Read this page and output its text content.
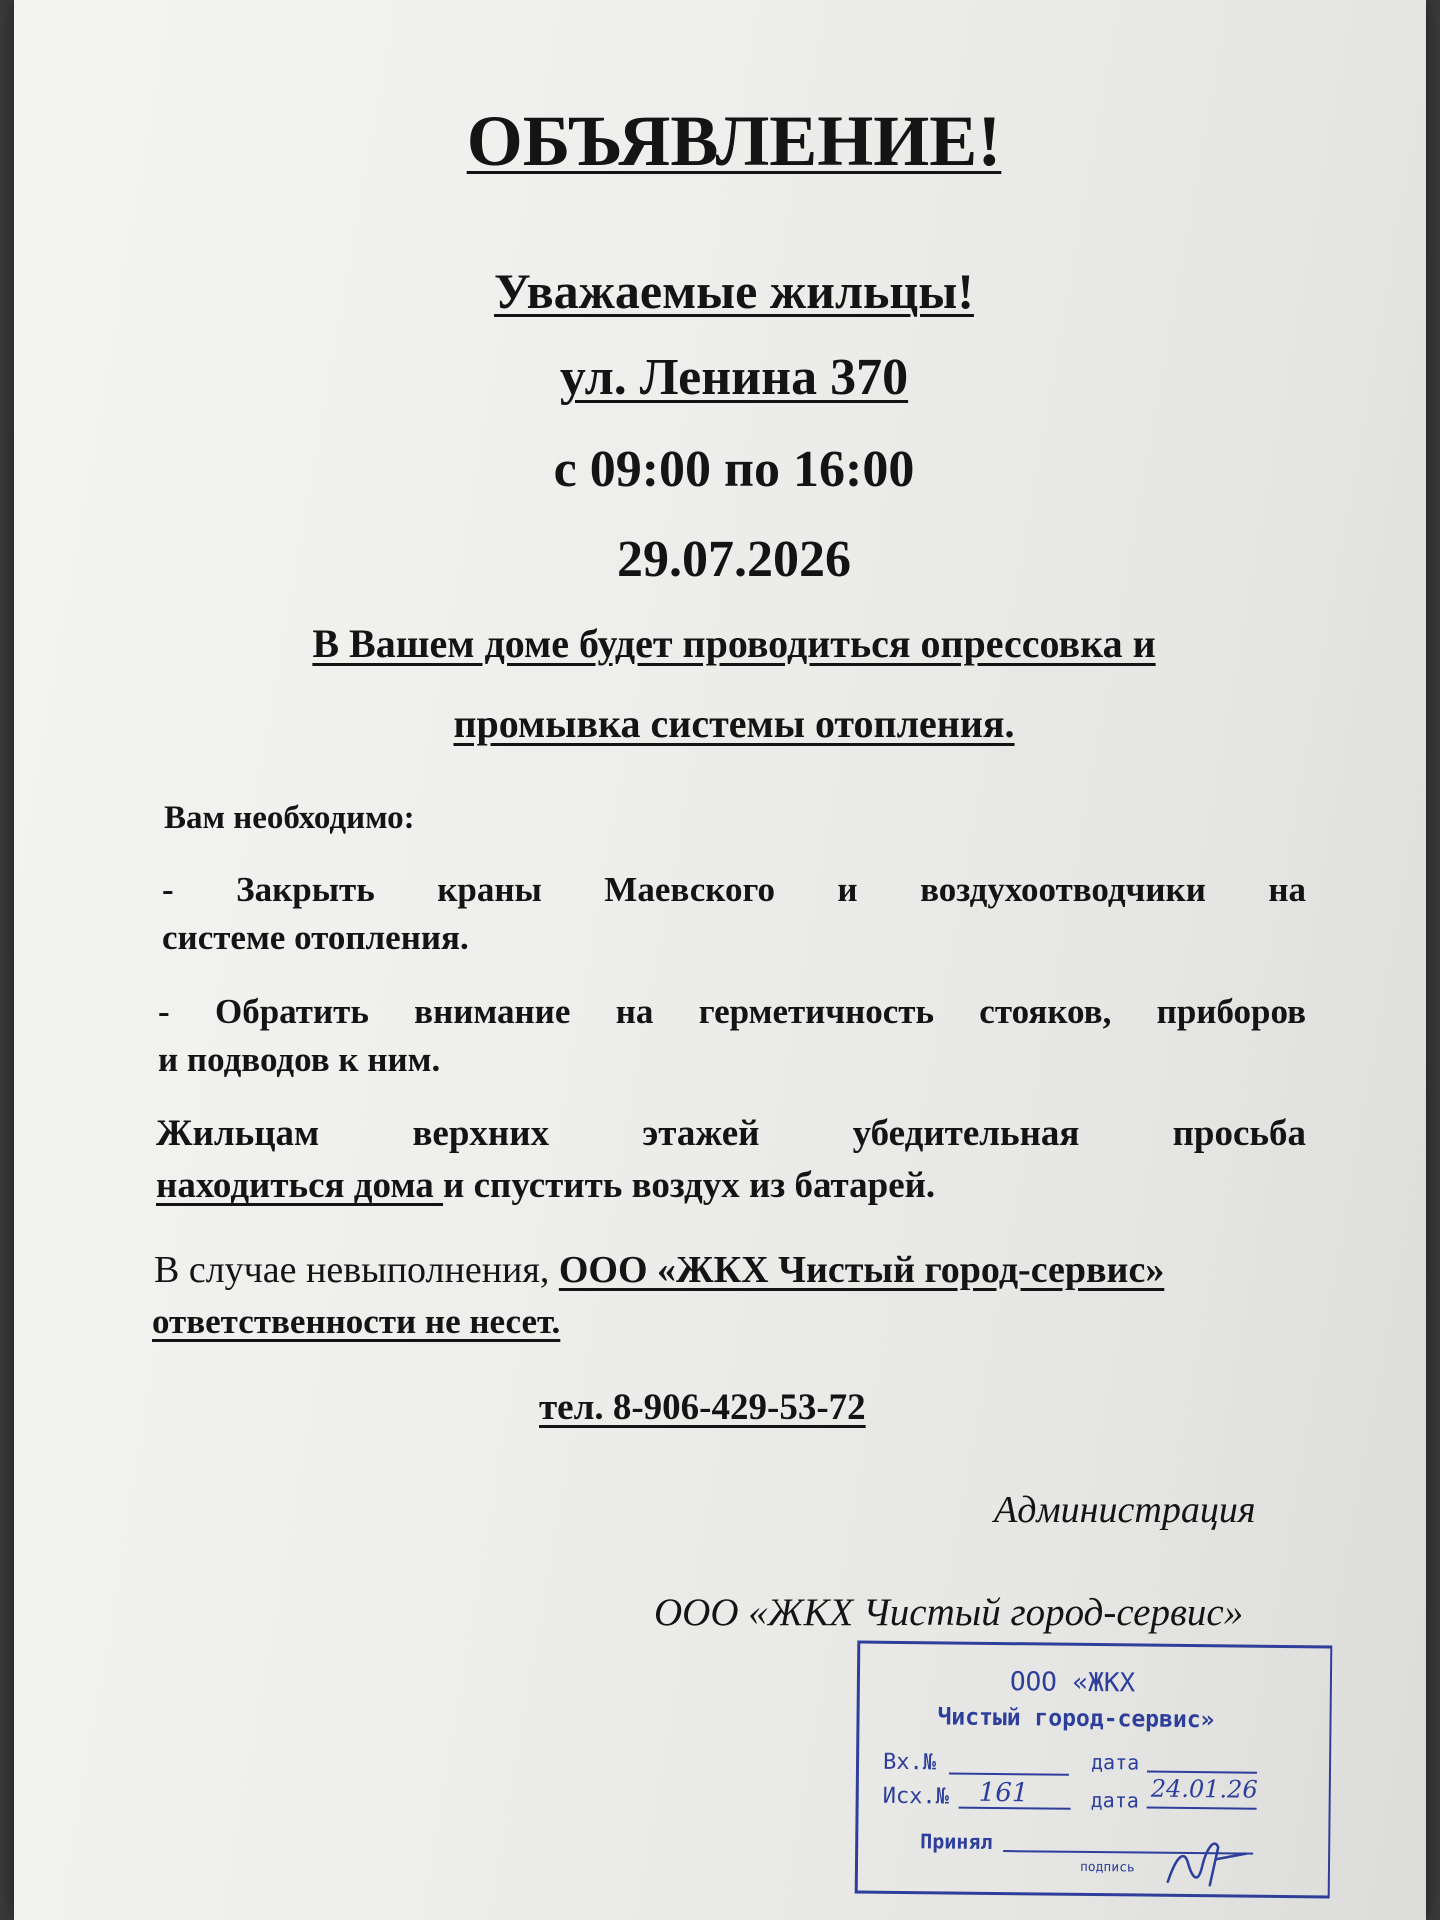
ОБЪЯВЛЕНИЕ!
Уважаемые жильцы!
ул. Ленина 370
с 09:00 по 16:00
29.07.2026
В Вашем доме будет проводиться опрессовка и
промывка системы отопления.
Вам необходимо:
- Закрыть краны Маевского и воздухоотводчики на
системе отопления.
- Обратить внимание на герметичность стояков, приборов
и подводов к ним.
Жильцам верхних этажей убедительная просьба
находиться дома и спустить воздух из батарей.
В случае невыполнения, ООО «ЖКХ Чистый город-сервис»
ответственности не несет.
тел. 8-906-429-53-72
Администрация
ООО «ЖКХ Чистый город-сервис»
ООО «ЖКХ
Чистый город-сервис»
Вх.№	дата
Исх.№ 161	дата 24.01.26
Принял
подпись
